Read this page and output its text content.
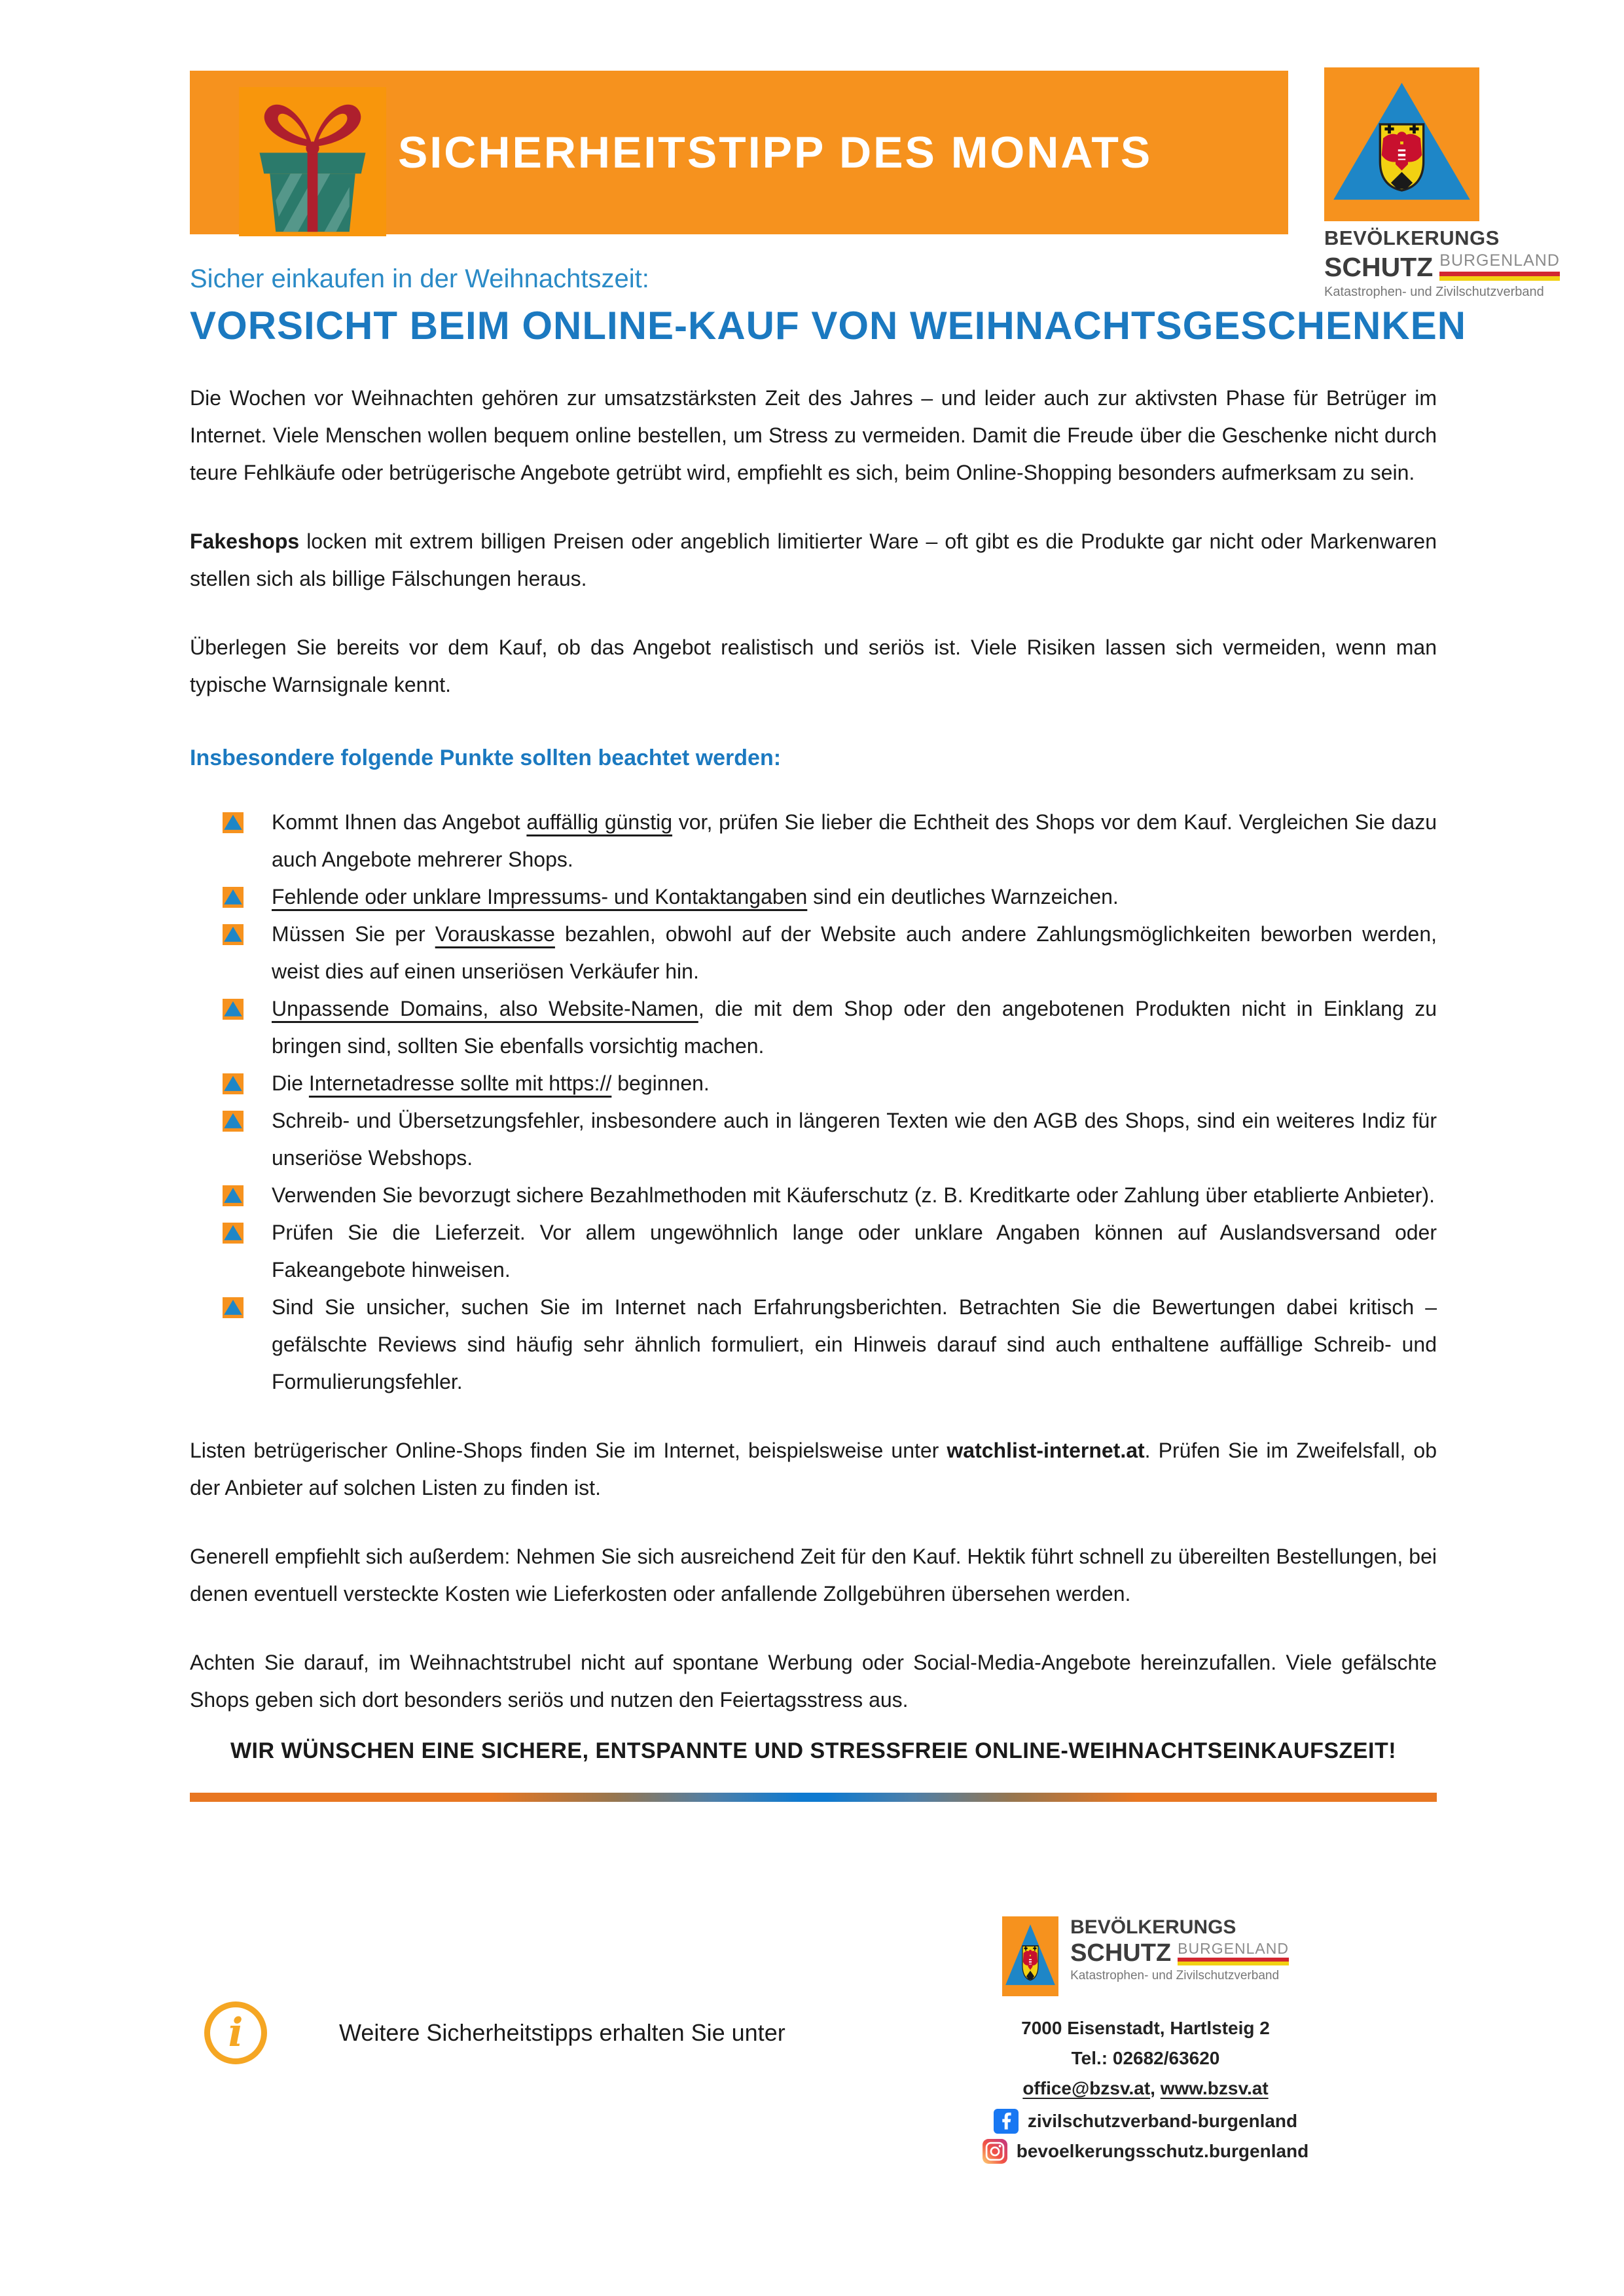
SICHERHEITSTIPP DES MONATS
BEVÖLKERUNGS
SCHUTZ BURGENLAND
Katastrophen- und Zivilschutzverband
Sicher einkaufen in der Weihnachtszeit:
VORSICHT BEIM ONLINE-KAUF VON WEIHNACHTSGESCHENKEN

Die Wochen vor Weihnachten gehören zur umsatzstärksten Zeit des Jahres – und leider auch zur aktivsten Phase für Betrüger im Internet. Viele Menschen wollen bequem online bestellen, um Stress zu vermeiden. Damit die Freude über die Geschenke nicht durch teure Fehlkäufe oder betrügerische Angebote getrübt wird, empfiehlt es sich, beim Online-Shopping besonders aufmerksam zu sein.

Fakeshops locken mit extrem billigen Preisen oder angeblich limitierter Ware – oft gibt es die Produkte gar nicht oder Markenwaren stellen sich als billige Fälschungen heraus.

Überlegen Sie bereits vor dem Kauf, ob das Angebot realistisch und seriös ist. Viele Risiken lassen sich vermeiden, wenn man typische Warnsignale kennt.

Insbesondere folgende Punkte sollten beachtet werden:
Kommt Ihnen das Angebot auffällig günstig vor, prüfen Sie lieber die Echtheit des Shops vor dem Kauf. Vergleichen Sie dazu auch Angebote mehrerer Shops.
Fehlende oder unklare Impressums- und Kontaktangaben sind ein deutliches Warnzeichen.
Müssen Sie per Vorauskasse bezahlen, obwohl auf der Website auch andere Zahlungsmöglichkeiten beworben werden, weist dies auf einen unseriösen Verkäufer hin.
Unpassende Domains, also Website-Namen, die mit dem Shop oder den angebotenen Produkten nicht in Einklang zu bringen sind, sollten Sie ebenfalls vorsichtig machen.
Die Internetadresse sollte mit https:// beginnen.
Schreib- und Übersetzungsfehler, insbesondere auch in längeren Texten wie den AGB des Shops, sind ein weiteres Indiz für unseriöse Webshops.
Verwenden Sie bevorzugt sichere Bezahlmethoden mit Käuferschutz (z. B. Kreditkarte oder Zahlung über etablierte Anbieter).
Prüfen Sie die Lieferzeit. Vor allem ungewöhnlich lange oder unklare Angaben können auf Auslandsversand oder Fakeangebote hinweisen.
Sind Sie unsicher, suchen Sie im Internet nach Erfahrungsberichten. Betrachten Sie die Bewertungen dabei kritisch – gefälschte Reviews sind häufig sehr ähnlich formuliert, ein Hinweis darauf sind auch enthaltene auffällige Schreib- und Formulierungsfehler.

Listen betrügerischer Online-Shops finden Sie im Internet, beispielsweise unter watchlist-internet.at. Prüfen Sie im Zweifelsfall, ob der Anbieter auf solchen Listen zu finden ist.

Generell empfiehlt sich außerdem: Nehmen Sie sich ausreichend Zeit für den Kauf. Hektik führt schnell zu übereilten Bestellungen, bei denen eventuell versteckte Kosten wie Lieferkosten oder anfallende Zollgebühren übersehen werden.

Achten Sie darauf, im Weihnachtstrubel nicht auf spontane Werbung oder Social-Media-Angebote hereinzufallen. Viele gefälschte Shops geben sich dort besonders seriös und nutzen den Feiertagsstress aus.

WIR WÜNSCHEN EINE SICHERE, ENTSPANNTE UND STRESSFREIE ONLINE-WEIHNACHTSEINKAUFSZEIT!
i	Weitere Sicherheitstipps erhalten Sie unter
BEVÖLKERUNGS
SCHUTZ BURGENLAND
Katastrophen- und Zivilschutzverband
7000 Eisenstadt, Hartlsteig 2
Tel.: 02682/63620
office@bzsv.at, www.bzsv.at
zivilschutzverband-burgenland
bevoelkerungsschutz.burgenland
